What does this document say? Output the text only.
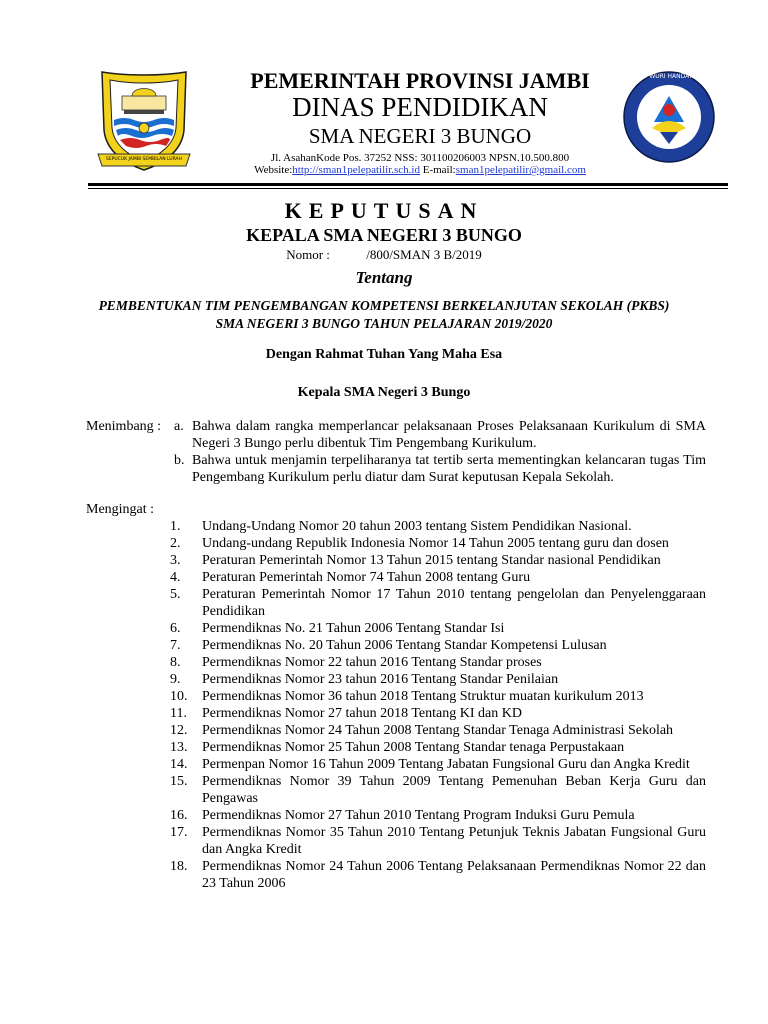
SEPUCUK JAMBI SEMBILAN LURAH
TUT WURI HANDAYANI
PEMERINTAH PROVINSI JAMBI
DINAS PENDIDIKAN
SMA NEGERI 3 BUNGO
Jl. AsahanKode Pos. 37252 NSS: 301100206003 NPSN.10.500.800
Website:http://sman1pelepatilir.sch.id E-mail:sman1pelepatilir@gmail.com
KEPUTUSAN
KEPALA SMA NEGERI 3 BUNGO
Nomor :	/800/SMAN 3 B/2019
Tentang
PEMBENTUKAN TIM PENGEMBANGAN KOMPETENSI BERKELANJUTAN SEKOLAH (PKBS)
SMA NEGERI 3 BUNGO TAHUN PELAJARAN 2019/2020
Dengan Rahmat Tuhan Yang Maha Esa
Kepala SMA Negeri 3 Bungo
Menimbang : a. Bahwa dalam rangka memperlancar pelaksanaan Proses Pelaksanaan Kurikulum di SMA Negeri 3 Bungo perlu dibentuk Tim Pengembang Kurikulum.
b. Bahwa untuk menjamin terpeliharanya tat tertib serta mementingkan kelancaran tugas Tim Pengembang Kurikulum perlu diatur dam Surat keputusan Kepala Sekolah.
Mengingat :
1.	Undang-Undang Nomor 20 tahun 2003 tentang Sistem Pendidikan Nasional.
2.	Undang-undang Republik Indonesia Nomor 14 Tahun 2005 tentang guru dan dosen
3.	Peraturan Pemerintah Nomor 13 Tahun 2015 tentang Standar nasional Pendidikan
4.	Peraturan Pemerintah Nomor 74 Tahun 2008 tentang Guru
5.	Peraturan Pemerintah Nomor 17 Tahun 2010 tentang pengelolan dan Penyelenggaraan Pendidikan
6.	Permendiknas No. 21 Tahun 2006 Tentang Standar Isi
7.	Permendiknas No. 20 Tahun 2006 Tentang Standar Kompetensi Lulusan
8.	Permendiknas Nomor 22 tahun 2016 Tentang Standar proses
9.	Permendiknas Nomor 23 tahun 2016 Tentang Standar Penilaian
10.	Permendiknas Nomor 36 tahun 2018 Tentang Struktur muatan kurikulum 2013
11.	Permendiknas Nomor 27 tahun 2018 Tentang KI dan KD
12.	Permendiknas Nomor 24 Tahun 2008 Tentang Standar Tenaga Administrasi Sekolah
13.	Permendiknas Nomor 25 Tahun 2008 Tentang Standar tenaga Perpustakaan
14.	Permenpan Nomor 16 Tahun 2009 Tentang Jabatan Fungsional Guru dan Angka Kredit
15.	Permendiknas Nomor 39 Tahun 2009 Tentang Pemenuhan Beban Kerja Guru dan Pengawas
16.	Permendiknas Nomor 27 Tahun 2010 Tentang Program Induksi Guru Pemula
17.	Permendiknas Nomor 35 Tahun 2010 Tentang Petunjuk Teknis Jabatan Fungsional Guru dan Angka Kredit
18.	Permendiknas Nomor 24 Tahun 2006 Tentang Pelaksanaan Permendiknas Nomor 22 dan 23 Tahun 2006
